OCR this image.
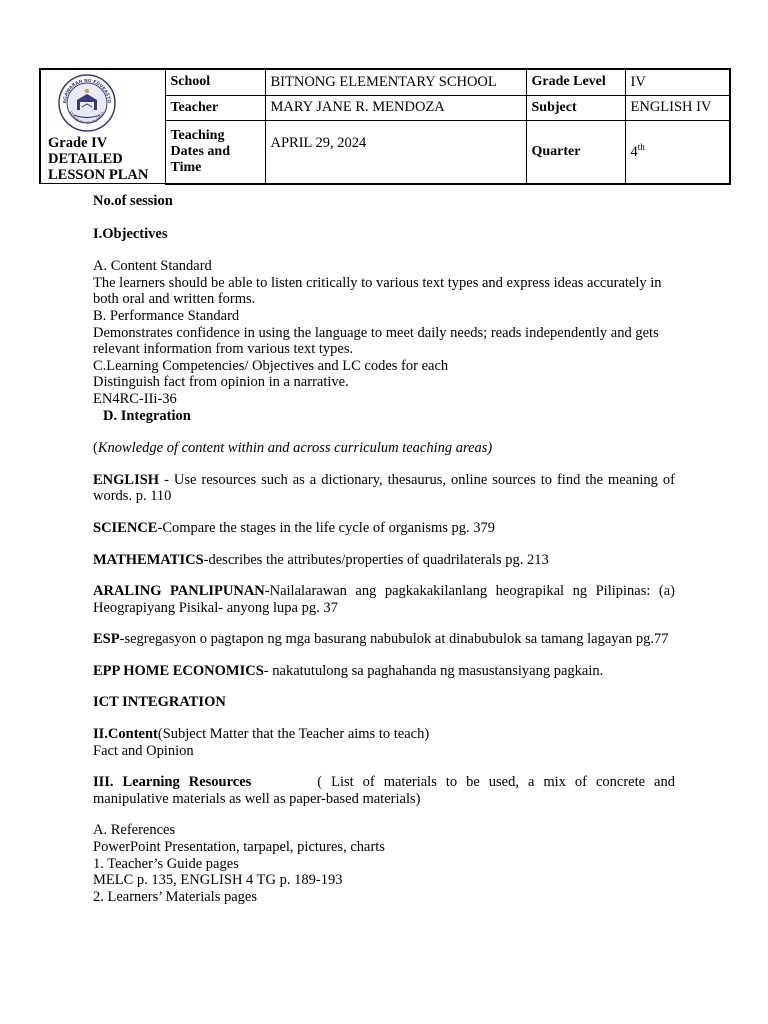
AGAWARAN NG EDUKASYO
REPUBLIKA NG PILIPINAS
Grade IV
DETAILED
LESSON PLAN	School	BITNONG ELEMENTARY SCHOOL	Grade Level	IV
	Teacher	MARY JANE R. MENDOZA	Subject	ENGLISH IV

	Teaching
Dates and
Time	APRIL 29, 2024	Quarter	4th

No.of session

I.Objectives

A. Content Standard

The learners should be able to listen critically to various text types and express ideas accurately in both oral and written forms.

B. Performance Standard

Demonstrates confidence in using the language to meet daily needs; reads independently and gets relevant information from various text types.

C.Learning Competencies/ Objectives and LC codes for each

Distinguish fact from opinion in a narrative.

EN4RC-IIi-36

D. Integration

(Knowledge of content within and across curriculum teaching areas)

ENGLISH - Use resources such as a dictionary, thesaurus, online sources to find the meaning of words. p. 110

SCIENCE-Compare the stages in the life cycle of organisms pg. 379

MATHEMATICS-describes the attributes/properties of quadrilaterals pg. 213

ARALING PANLIPUNAN-Nailalarawan ang pagkakakilanlang heograpikal ng Pilipinas: (a) Heograpiyang Pisikal- anyong lupa pg. 37

ESP-segregasyon o pagtapon ng mga basurang nabubulok at dinabubulok sa tamang lagayan pg.77

EPP HOME ECONOMICS- nakatutulong sa paghahanda ng masustansiyang pagkain.

ICT INTEGRATION

II.Content(Subject Matter that the Teacher aims to teach)

Fact and Opinion

III. Learning Resources	( List of materials to be used, a mix of concrete and manipulative materials as well as paper-based materials)

A. References

PowerPoint Presentation, tarpapel, pictures, charts

1. Teacher’s Guide pages

MELC p. 135, ENGLISH 4 TG p. 189-193

2. Learners’ Materials pages
